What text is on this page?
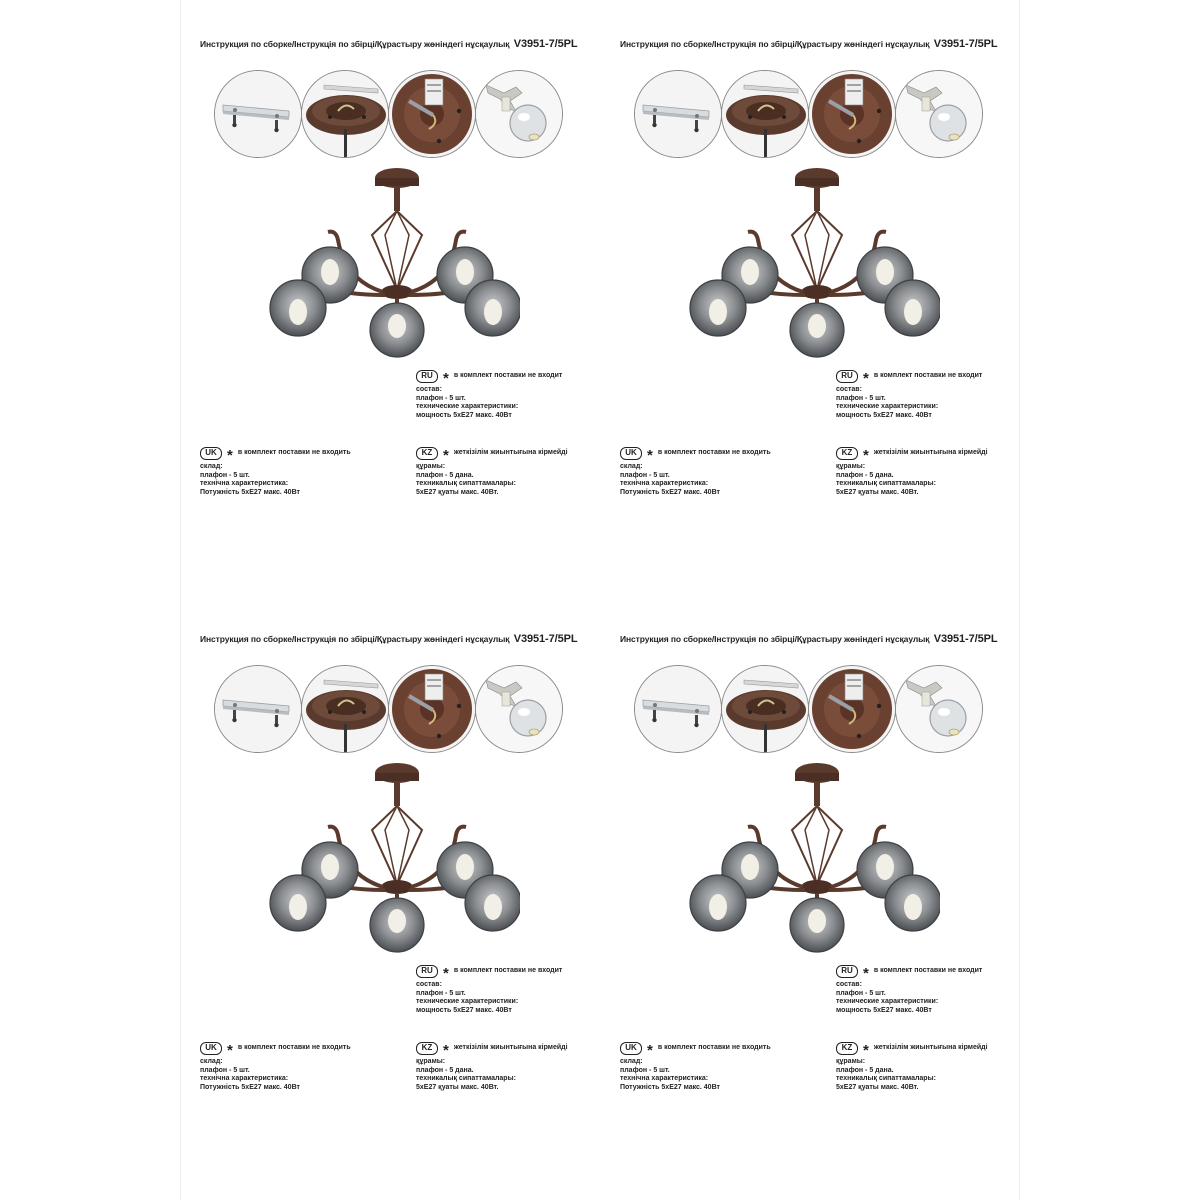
Инструкция по сборке/Інструкція по збірці/Құрастыру жөніндегі нұсқаулық V3951-7/5PL
RU * в комплект поставки не входит
состав:
плафон - 5 шт.
технические характеристики:
мощность 5хЕ27 макс. 40Вт
UK * в комплект поставки не входить
склад:
плафон - 5 шт.
технічна характеристика:
Потужність 5хЕ27 макс. 40Вт
KZ * жеткізілім жиынтығына кірмейді
құрамы:
плафон - 5 дана.
техникалық сипаттамалары:
5хЕ27 қуаты макс. 40Вт.
Инструкция по сборке/Інструкція по збірці/Құрастыру жөніндегі нұсқаулық V3951-7/5PL
RU * в комплект поставки не входит
состав:
плафон - 5 шт.
технические характеристики:
мощность 5хЕ27 макс. 40Вт
UK * в комплект поставки не входить
склад:
плафон - 5 шт.
технічна характеристика:
Потужність 5хЕ27 макс. 40Вт
KZ * жеткізілім жиынтығына кірмейді
құрамы:
плафон - 5 дана.
техникалық сипаттамалары:
5хЕ27 қуаты макс. 40Вт.
Инструкция по сборке/Інструкція по збірці/Құрастыру жөніндегі нұсқаулық V3951-7/5PL
RU * в комплект поставки не входит
состав:
плафон - 5 шт.
технические характеристики:
мощность 5хЕ27 макс. 40Вт
UK * в комплект поставки не входить
склад:
плафон - 5 шт.
технічна характеристика:
Потужність 5хЕ27 макс. 40Вт
KZ * жеткізілім жиынтығына кірмейді
құрамы:
плафон - 5 дана.
техникалық сипаттамалары:
5хЕ27 қуаты макс. 40Вт.
Инструкция по сборке/Інструкція по збірці/Құрастыру жөніндегі нұсқаулық V3951-7/5PL
RU * в комплект поставки не входит
состав:
плафон - 5 шт.
технические характеристики:
мощность 5хЕ27 макс. 40Вт
UK * в комплект поставки не входить
склад:
плафон - 5 шт.
технічна характеристика:
Потужність 5хЕ27 макс. 40Вт
KZ * жеткізілім жиынтығына кірмейді
құрамы:
плафон - 5 дана.
техникалық сипаттамалары:
5хЕ27 қуаты макс. 40Вт.
